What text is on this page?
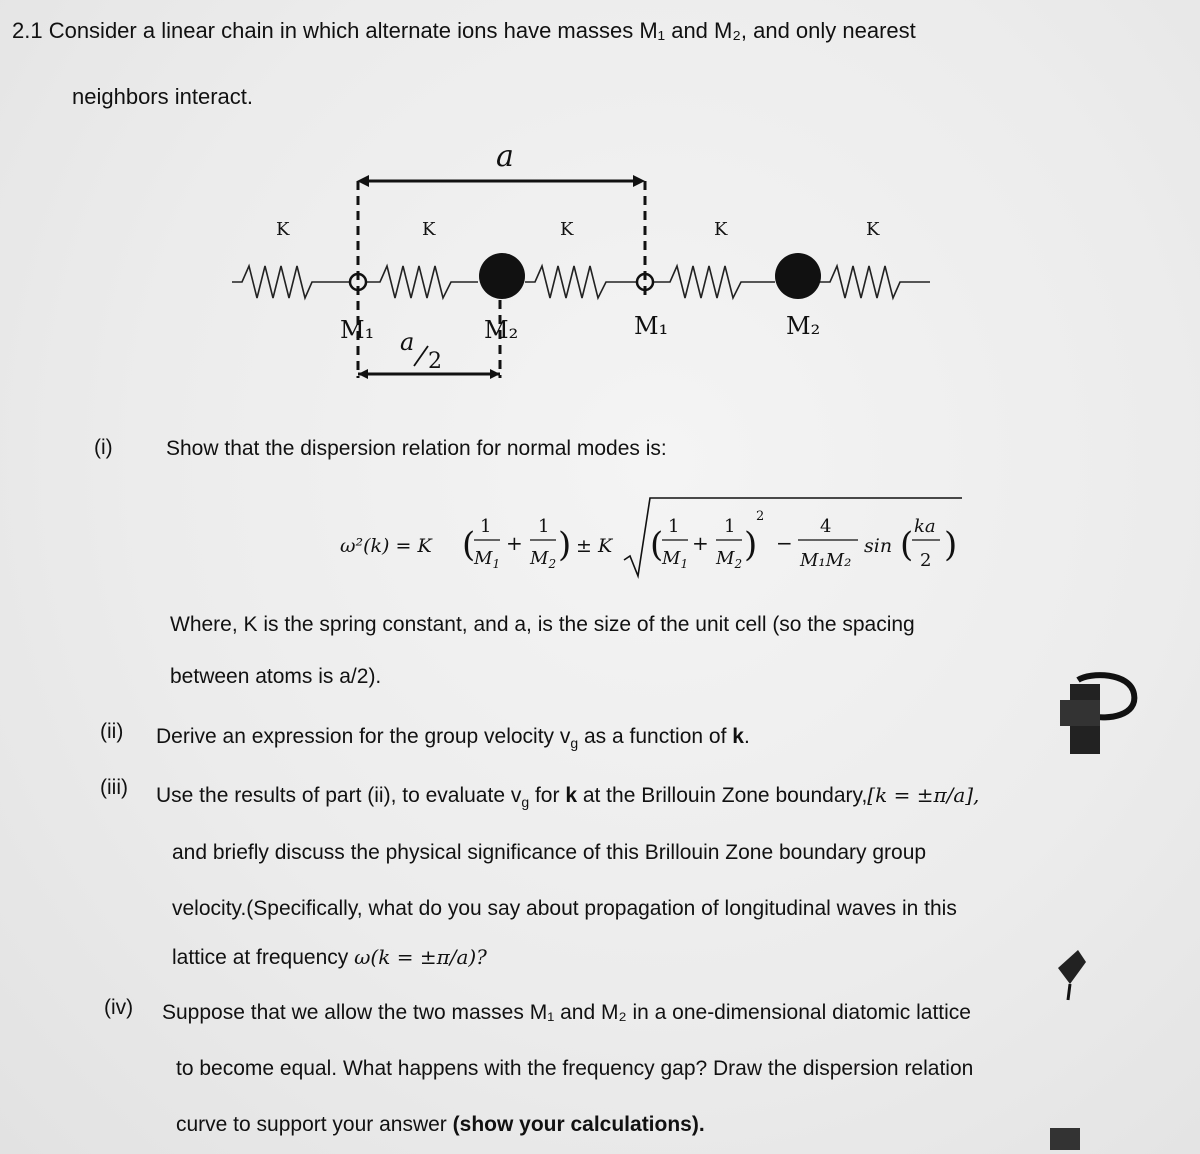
2.1 Consider a linear chain in which alternate ions have masses M₁ and M₂, and only nearest
neighbors interact.
a
K	K	K	K	K
M₁	M₂	M₁	M₂
a
2
(i)	Show that the dispersion relation for normal modes is:
ω²(k) = K ( 1
$M_1$
+
1
$M_2$ ) ± K ( 1
$M_1$
+
1
$M_2$ )
2
−
4
M₁M₂
sin ( ka
2 )
Where, K is the spring constant, and a, is the size of the unit cell (so the spacing
between atoms is a/2).
(ii) Derive an expression for the group velocity $v_g$ as a function of k.
(iii) Use the results of part (ii), to evaluate $v_g$ for k at the Brillouin Zone boundary,[k = ±π/a],
and briefly discuss the physical significance of this Brillouin Zone boundary group
velocity.(Specifically, what do you say about propagation of longitudinal waves in this
lattice at frequency ω(k = ±π/a)?
(iv) Suppose that we allow the two masses M₁ and M₂ in a one-dimensional diatomic lattice
to become equal. What happens with the frequency gap? Draw the dispersion relation
curve to support your answer (show your calculations).
